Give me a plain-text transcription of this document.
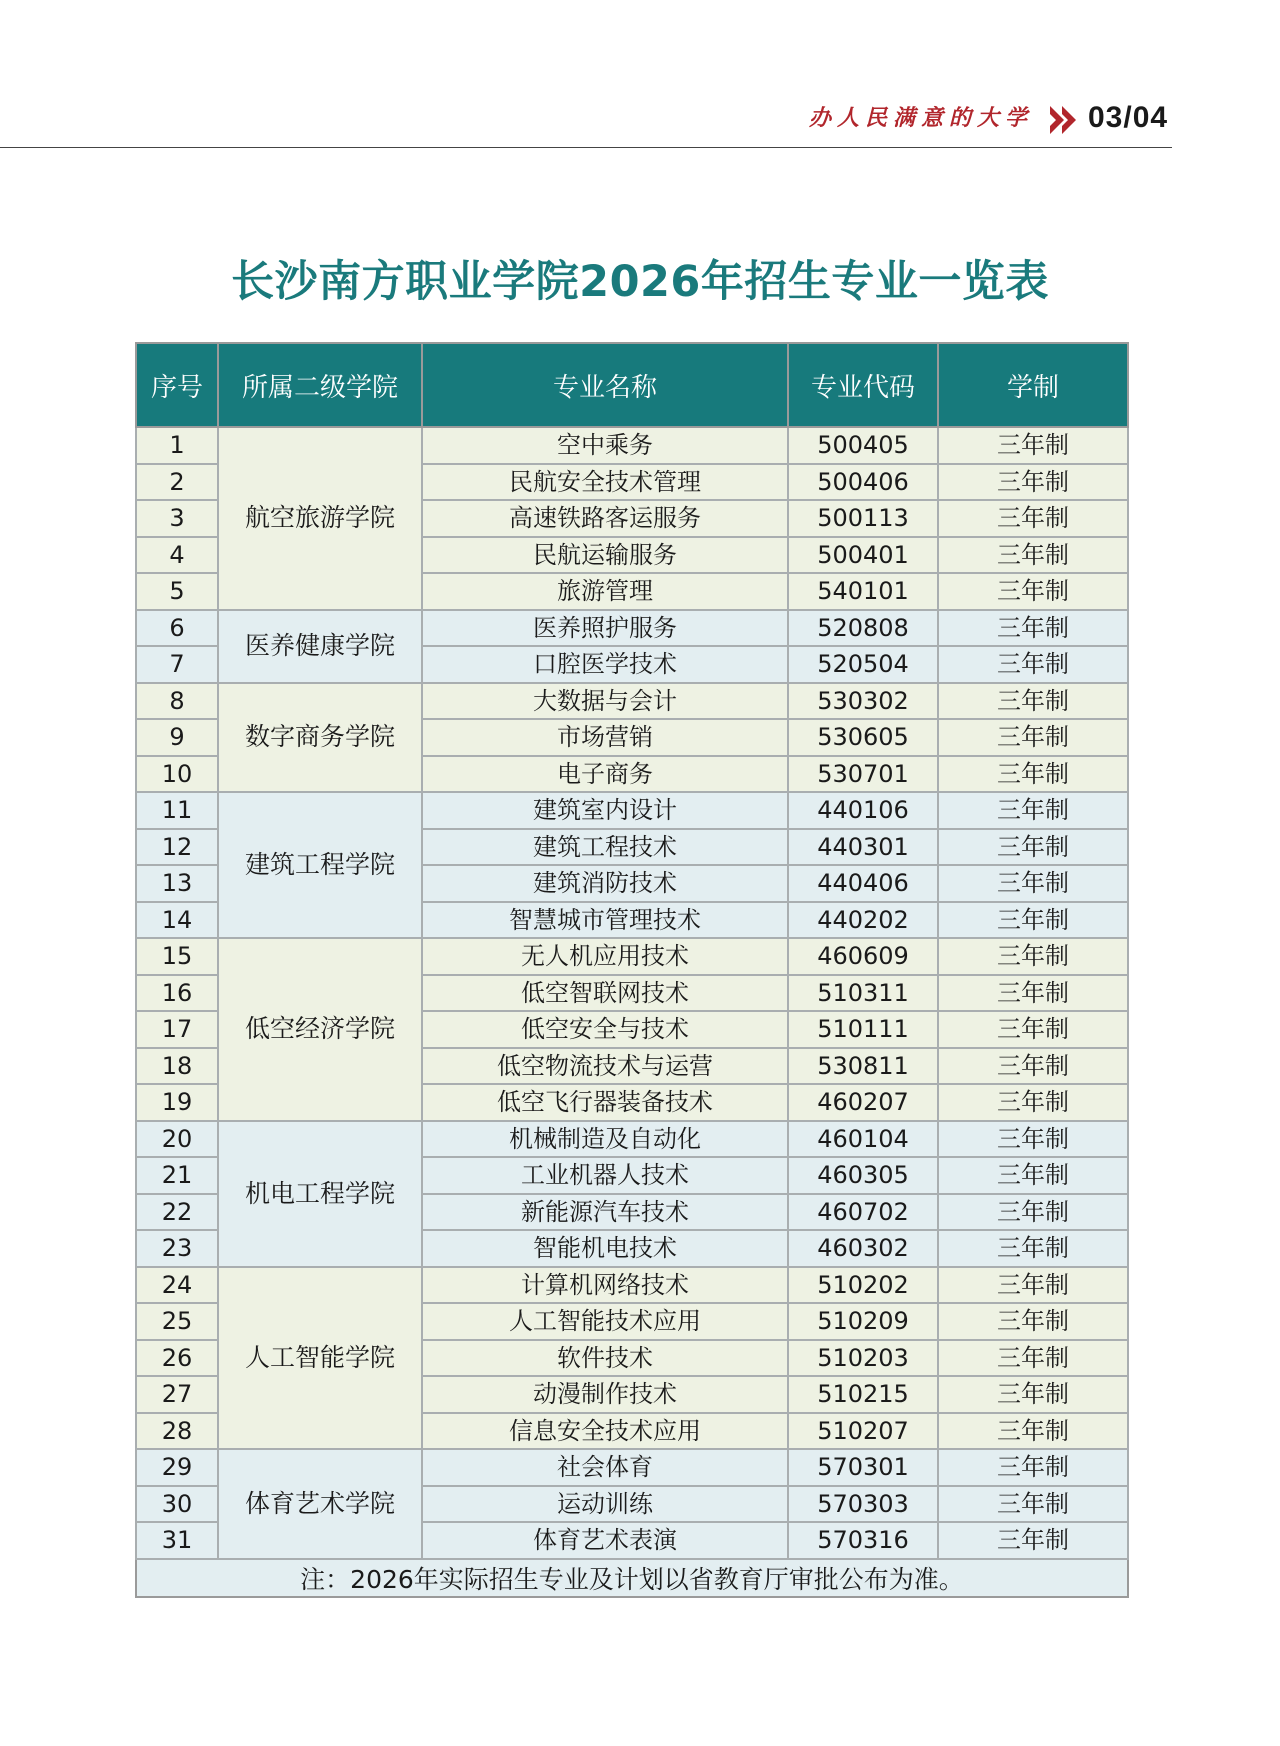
办人民满意的大学 03/04
长沙南方职业学院2026年招生专业一览表
序号	所属二级学院	专业名称	专业代码	学制
1	航空旅游学院	空中乘务	500405	三年制
2		民航安全技术管理	500406	三年制
3		高速铁路客运服务	500113	三年制
4		民航运输服务	500401	三年制
5		旅游管理	540101	三年制
6	医养健康学院	医养照护服务	520808	三年制
7		口腔医学技术	520504	三年制
8	数字商务学院	大数据与会计	530302	三年制
9		市场营销	530605	三年制
10		电子商务	530701	三年制
11	建筑工程学院	建筑室内设计	440106	三年制
12		建筑工程技术	440301	三年制
13		建筑消防技术	440406	三年制
14		智慧城市管理技术	440202	三年制
15	低空经济学院	无人机应用技术	460609	三年制
16		低空智联网技术	510311	三年制
17		低空安全与技术	510111	三年制
18		低空物流技术与运营	530811	三年制
19		低空飞行器装备技术	460207	三年制
20	机电工程学院	机械制造及自动化	460104	三年制
21		工业机器人技术	460305	三年制
22		新能源汽车技术	460702	三年制
23		智能机电技术	460302	三年制
24	人工智能学院	计算机网络技术	510202	三年制
25		人工智能技术应用	510209	三年制
26		软件技术	510203	三年制
27		动漫制作技术	510215	三年制
28		信息安全技术应用	510207	三年制
29	体育艺术学院	社会体育	570301	三年制
30		运动训练	570303	三年制
31		体育艺术表演	570316	三年制
注：2026年实际招生专业及计划以省教育厅审批公布为准。				
